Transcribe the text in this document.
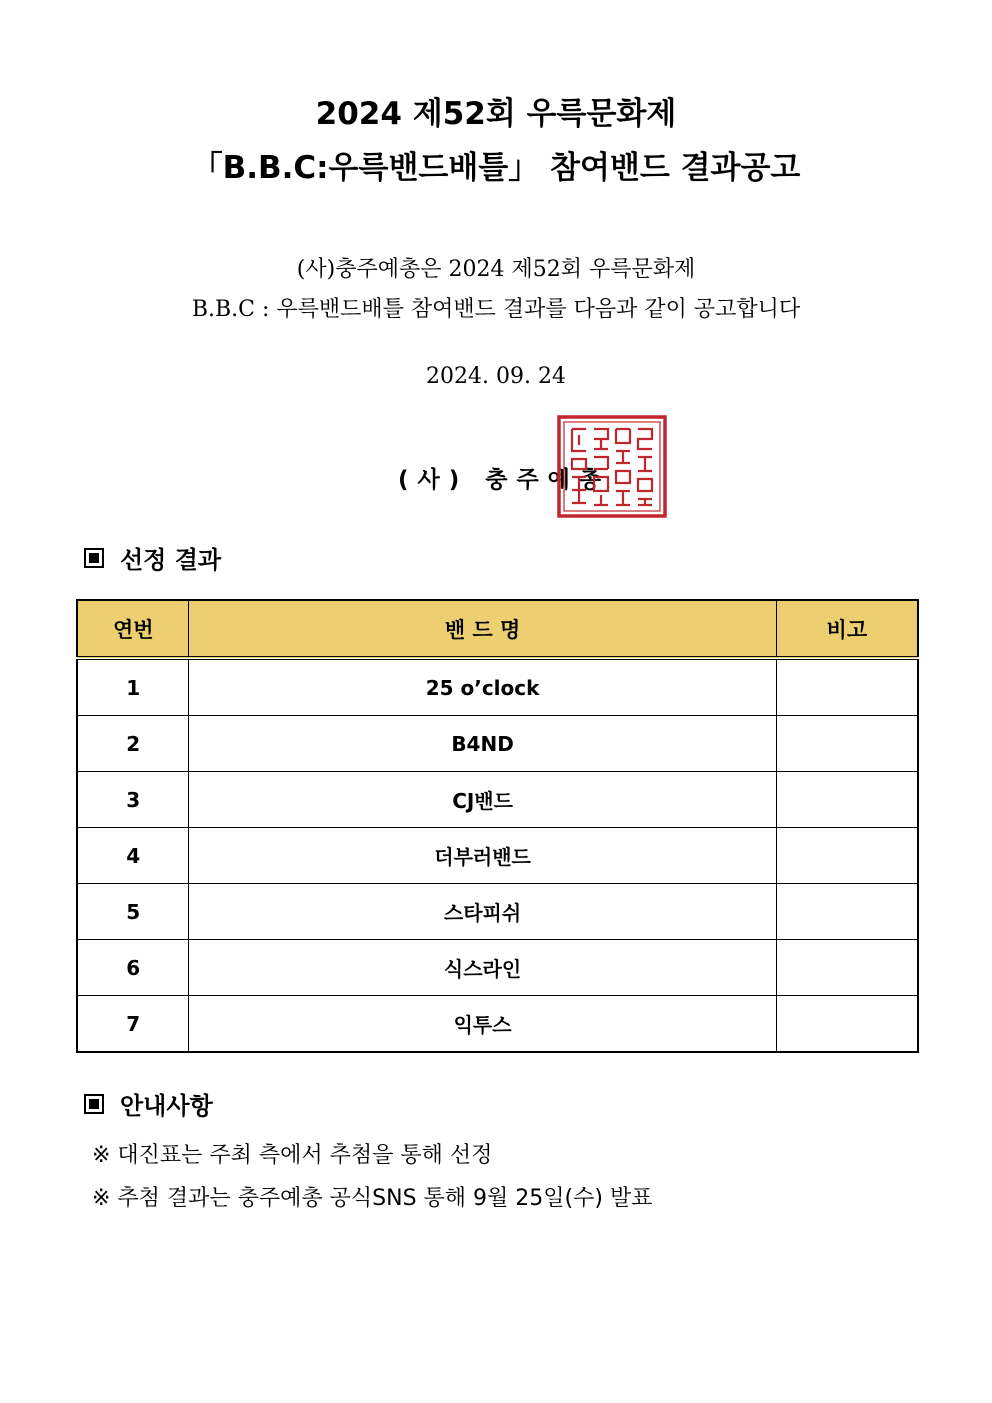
2024 제52회 우륵문화제
「B.B.C:우륵밴드배틀」 참여밴드 결과공고
(사)충주예총은 2024 제52회 우륵문화제
B.B.C : 우륵밴드배틀 참여밴드 결과를 다음과 같이 공고합니다
2024. 09. 24
(사) 충주예총
선정 결과
연번	밴 드 명	비고
1	25 o’clock	
2	B4ND	
3	CJ밴드	
4	더부러밴드	
5	스타피쉬	
6	식스라인	
7	익투스	
안내사항
※ 대진표는 주최 측에서 추첨을 통해 선정
※ 추첨 결과는 충주예총 공식SNS 통해 9월 25일(수) 발표
